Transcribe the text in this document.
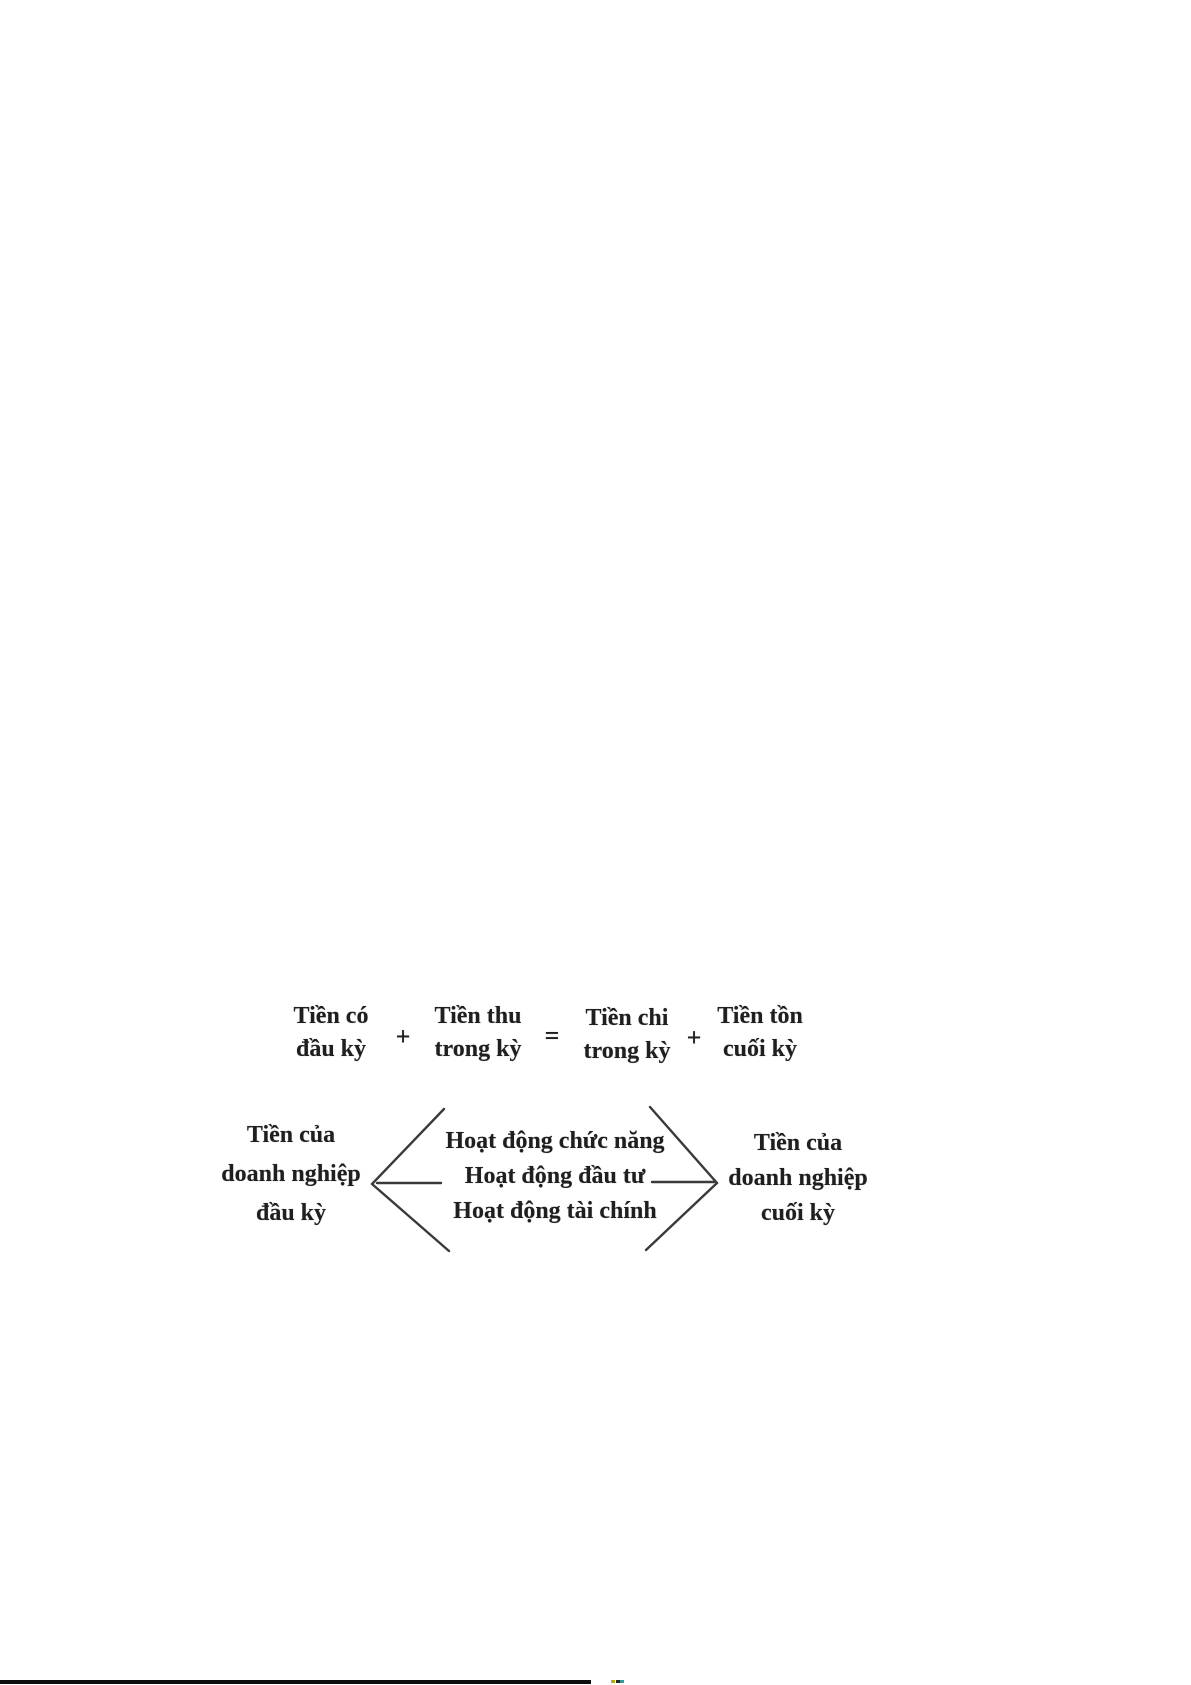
Tiền có
đầu kỳ +
Tiền thu
trong kỳ =
Tiền chi
trong kỳ +
Tiền tồn
cuối kỳ
Tiền của
doanh nghiệp
đầu kỳ
Hoạt động chức năng
Hoạt động đầu tư
Hoạt động tài chính
Tiền của
doanh nghiệp
cuối kỳ
